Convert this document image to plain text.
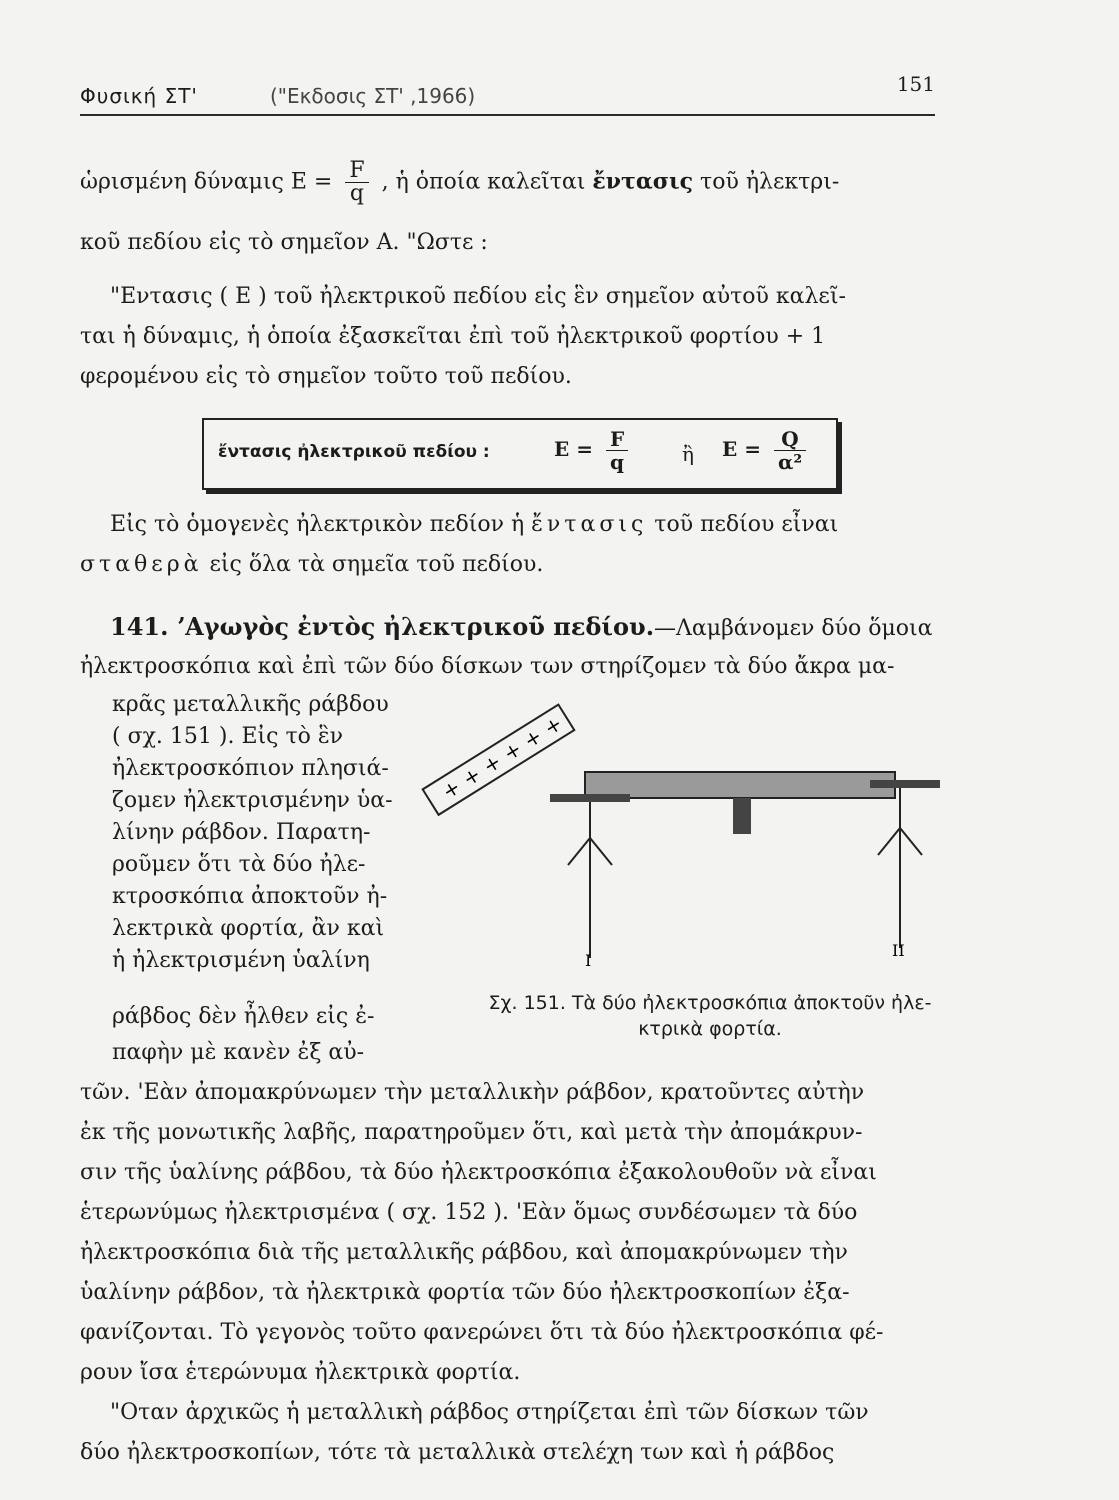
Φυσική ΣΤ'	("Εκδοσις ΣΤ' ,1966)	151
ὡρισμένη δύναμις $E = \frac{F}{q}$ , ἡ ὁποία καλεῖται ἔντασις τοῦ ἠλεκτρι-
κοῦ πεδίου εἰς τὸ σημεῖον A. "Ωστε :
"Εντασις ( E ) τοῦ ἠλεκτρικοῦ πεδίου εἰς ἓν σημεῖον αὐτοῦ καλεῖ-
ται ἡ δύναμις, ἡ ὁποία ἐξασκεῖται ἐπὶ τοῦ ἠλεκτρικοῦ φορτίου + 1
φερομένου εἰς τὸ σημεῖον τοῦτο τοῦ πεδίου.
ἔντασις ἠλεκτρικοῦ πεδίου :	$E = \frac{F}{q}$	ἢ $E = \frac{Q}{\text{α²}}$
Εἰς τὸ ὁμογενὲς ἠλεκτρικὸν πεδίον ἡ ἔντασις τοῦ πεδίου εἶναι
σταθερὰ εἰς ὅλα τὰ σημεῖα τοῦ πεδίου.
141. ʼΑγωγὸς ἐντὸς ἠλεκτρικοῦ πεδίου.—Λαμβάνομεν δύο ὅμοια
ἠλεκτροσκόπια καὶ ἐπὶ τῶν δύο δίσκων των στηρίζομεν τὰ δύο ἄκρα μα-
κρᾶς μεταλλικῆς ράβδου
( σχ. 151 ). Εἰς τὸ ἓν
ἠλεκτροσκόπιον πλησιά-
ζομεν ἠλεκτρισμένην ὑα-
λίνην ράβδον. Παρατη-
ροῦμεν ὅτι τὰ δύο ἠλε-
κτροσκόπια ἀποκτοῦν ἠ-
λεκτρικὰ φορτία, ἂν καὶ
ἡ ἠλεκτρισμένη ὑαλίνη
ράβδος δὲν ἦλθεν εἰς ἐ-
παφὴν μὲ κανὲν ἐξ αὐ-
+
+
+
+
+
+
I
II
Σχ. 151. Τὰ δύο ἠλεκτροσκόπια ἀποκτοῦν ἠλε-
κτρικὰ φορτία.
τῶν. 'Εὰν ἀπομακρύνωμεν τὴν μεταλλικὴν ράβδον, κρατοῦντες αὐτὴν
ἐκ τῆς μονωτικῆς λαβῆς, παρατηροῦμεν ὅτι, καὶ μετὰ τὴν ἀπομάκρυν-
σιν τῆς ὑαλίνης ράβδου, τὰ δύο ἠλεκτροσκόπια ἐξακολουθοῦν νὰ εἶναι
ἑτερωνύμως ἠλεκτρισμένα ( σχ. 152 ). 'Εὰν ὅμως συνδέσωμεν τὰ δύο
ἠλεκτροσκόπια διὰ τῆς μεταλλικῆς ράβδου, καὶ ἀπομακρύνωμεν τὴν
ὑαλίνην ράβδον, τὰ ἠλεκτρικὰ φορτία τῶν δύο ἠλεκτροσκοπίων ἐξα-
φανίζονται. Τὸ γεγονὸς τοῦτο φανερώνει ὅτι τὰ δύο ἠλεκτροσκόπια φέ-
ρουν ἴσα ἑτερώνυμα ἠλεκτρικὰ φορτία.
"Οταν ἀρχικῶς ἡ μεταλλικὴ ράβδος στηρίζεται ἐπὶ τῶν δίσκων τῶν
δύο ἠλεκτροσκοπίων, τότε τὰ μεταλλικὰ στελέχη των καὶ ἡ ράβδος
